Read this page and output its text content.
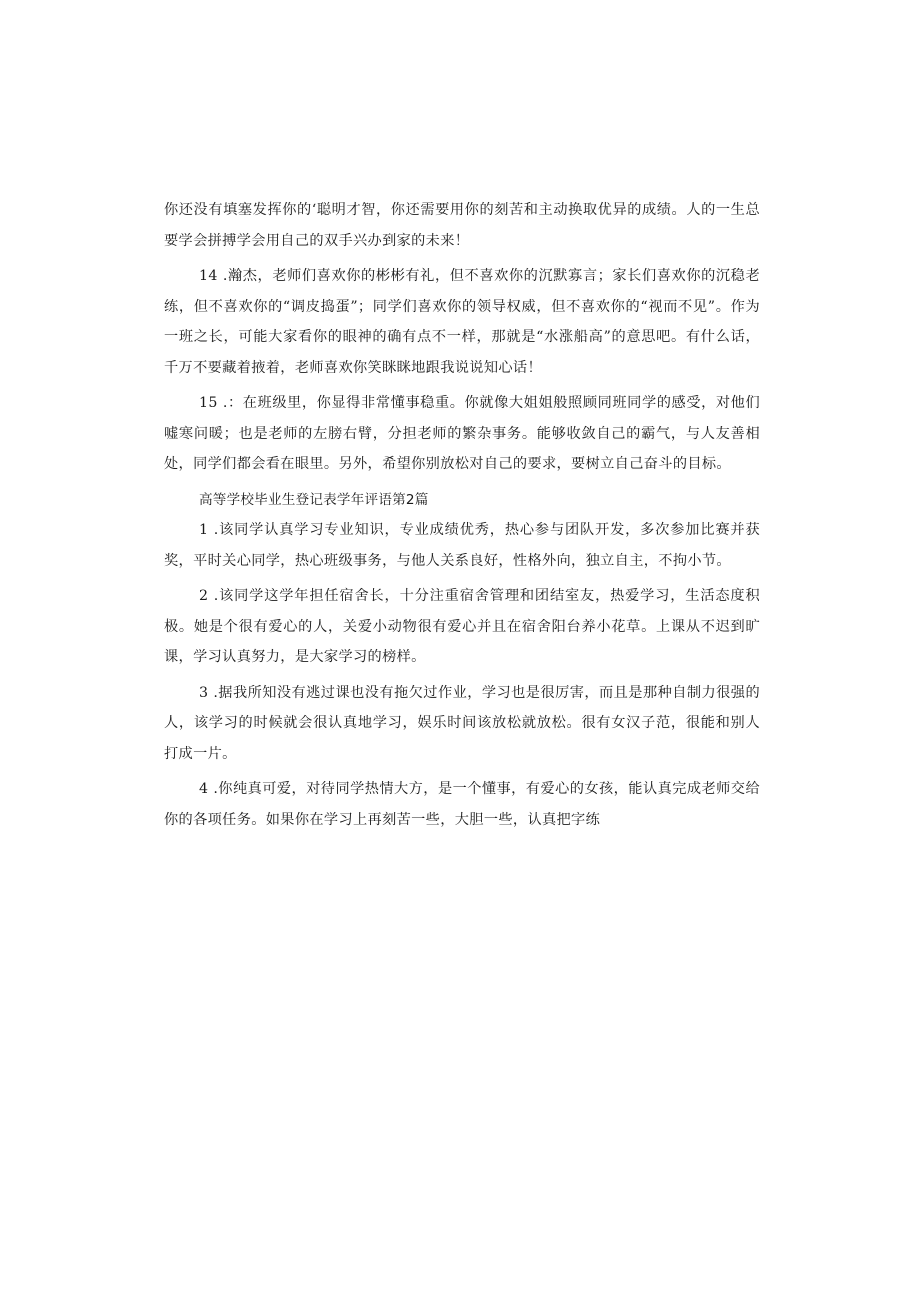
你还没有填塞发挥你的‘聪明才智，你还需要用你的刻苦和主动换取优异的成绩。人的一生总要学会拼搏学会用自己的双手兴办到家的未来！

14 .瀚杰，老师们喜欢你的彬彬有礼，但不喜欢你的沉默寡言；家长们喜欢你的沉稳老练，但不喜欢你的“调皮捣蛋”；同学们喜欢你的领导权威，但不喜欢你的“视而不见”。作为一班之长，可能大家看你的眼神的确有点不一样，那就是“水涨船高”的意思吧。有什么话，千万不要藏着掖着，老师喜欢你笑眯眯地跟我说说知心话！

15 .：在班级里，你显得非常懂事稳重。你就像大姐姐般照顾同班同学的感受，对他们嘘寒问暖；也是老师的左膀右臂，分担老师的繁杂事务。能够收敛自己的霸气，与人友善相处，同学们都会看在眼里。另外，希望你别放松对自己的要求，要树立自己奋斗的目标。

高等学校毕业生登记表学年评语第2篇

1 .该同学认真学习专业知识，专业成绩优秀，热心参与团队开发，多次参加比赛并获奖，平时关心同学，热心班级事务，与他人关系良好，性格外向，独立自主，不拘小节。

2 .该同学这学年担任宿舍长，十分注重宿舍管理和团结室友，热爱学习，生活态度积极。她是个很有爱心的人，关爱小动物很有爱心并且在宿舍阳台养小花草。上课从不迟到旷课，学习认真努力，是大家学习的榜样。

3 .据我所知没有逃过课也没有拖欠过作业，学习也是很厉害，而且是那种自制力很强的人，该学习的时候就会很认真地学习，娱乐时间该放松就放松。很有女汉子范，很能和别人打成一片。

4 .你纯真可爱，对待同学热情大方，是一个懂事，有爱心的女孩，能认真完成老师交给你的各项任务。如果你在学习上再刻苦一些，大胆一些，认真把字练
